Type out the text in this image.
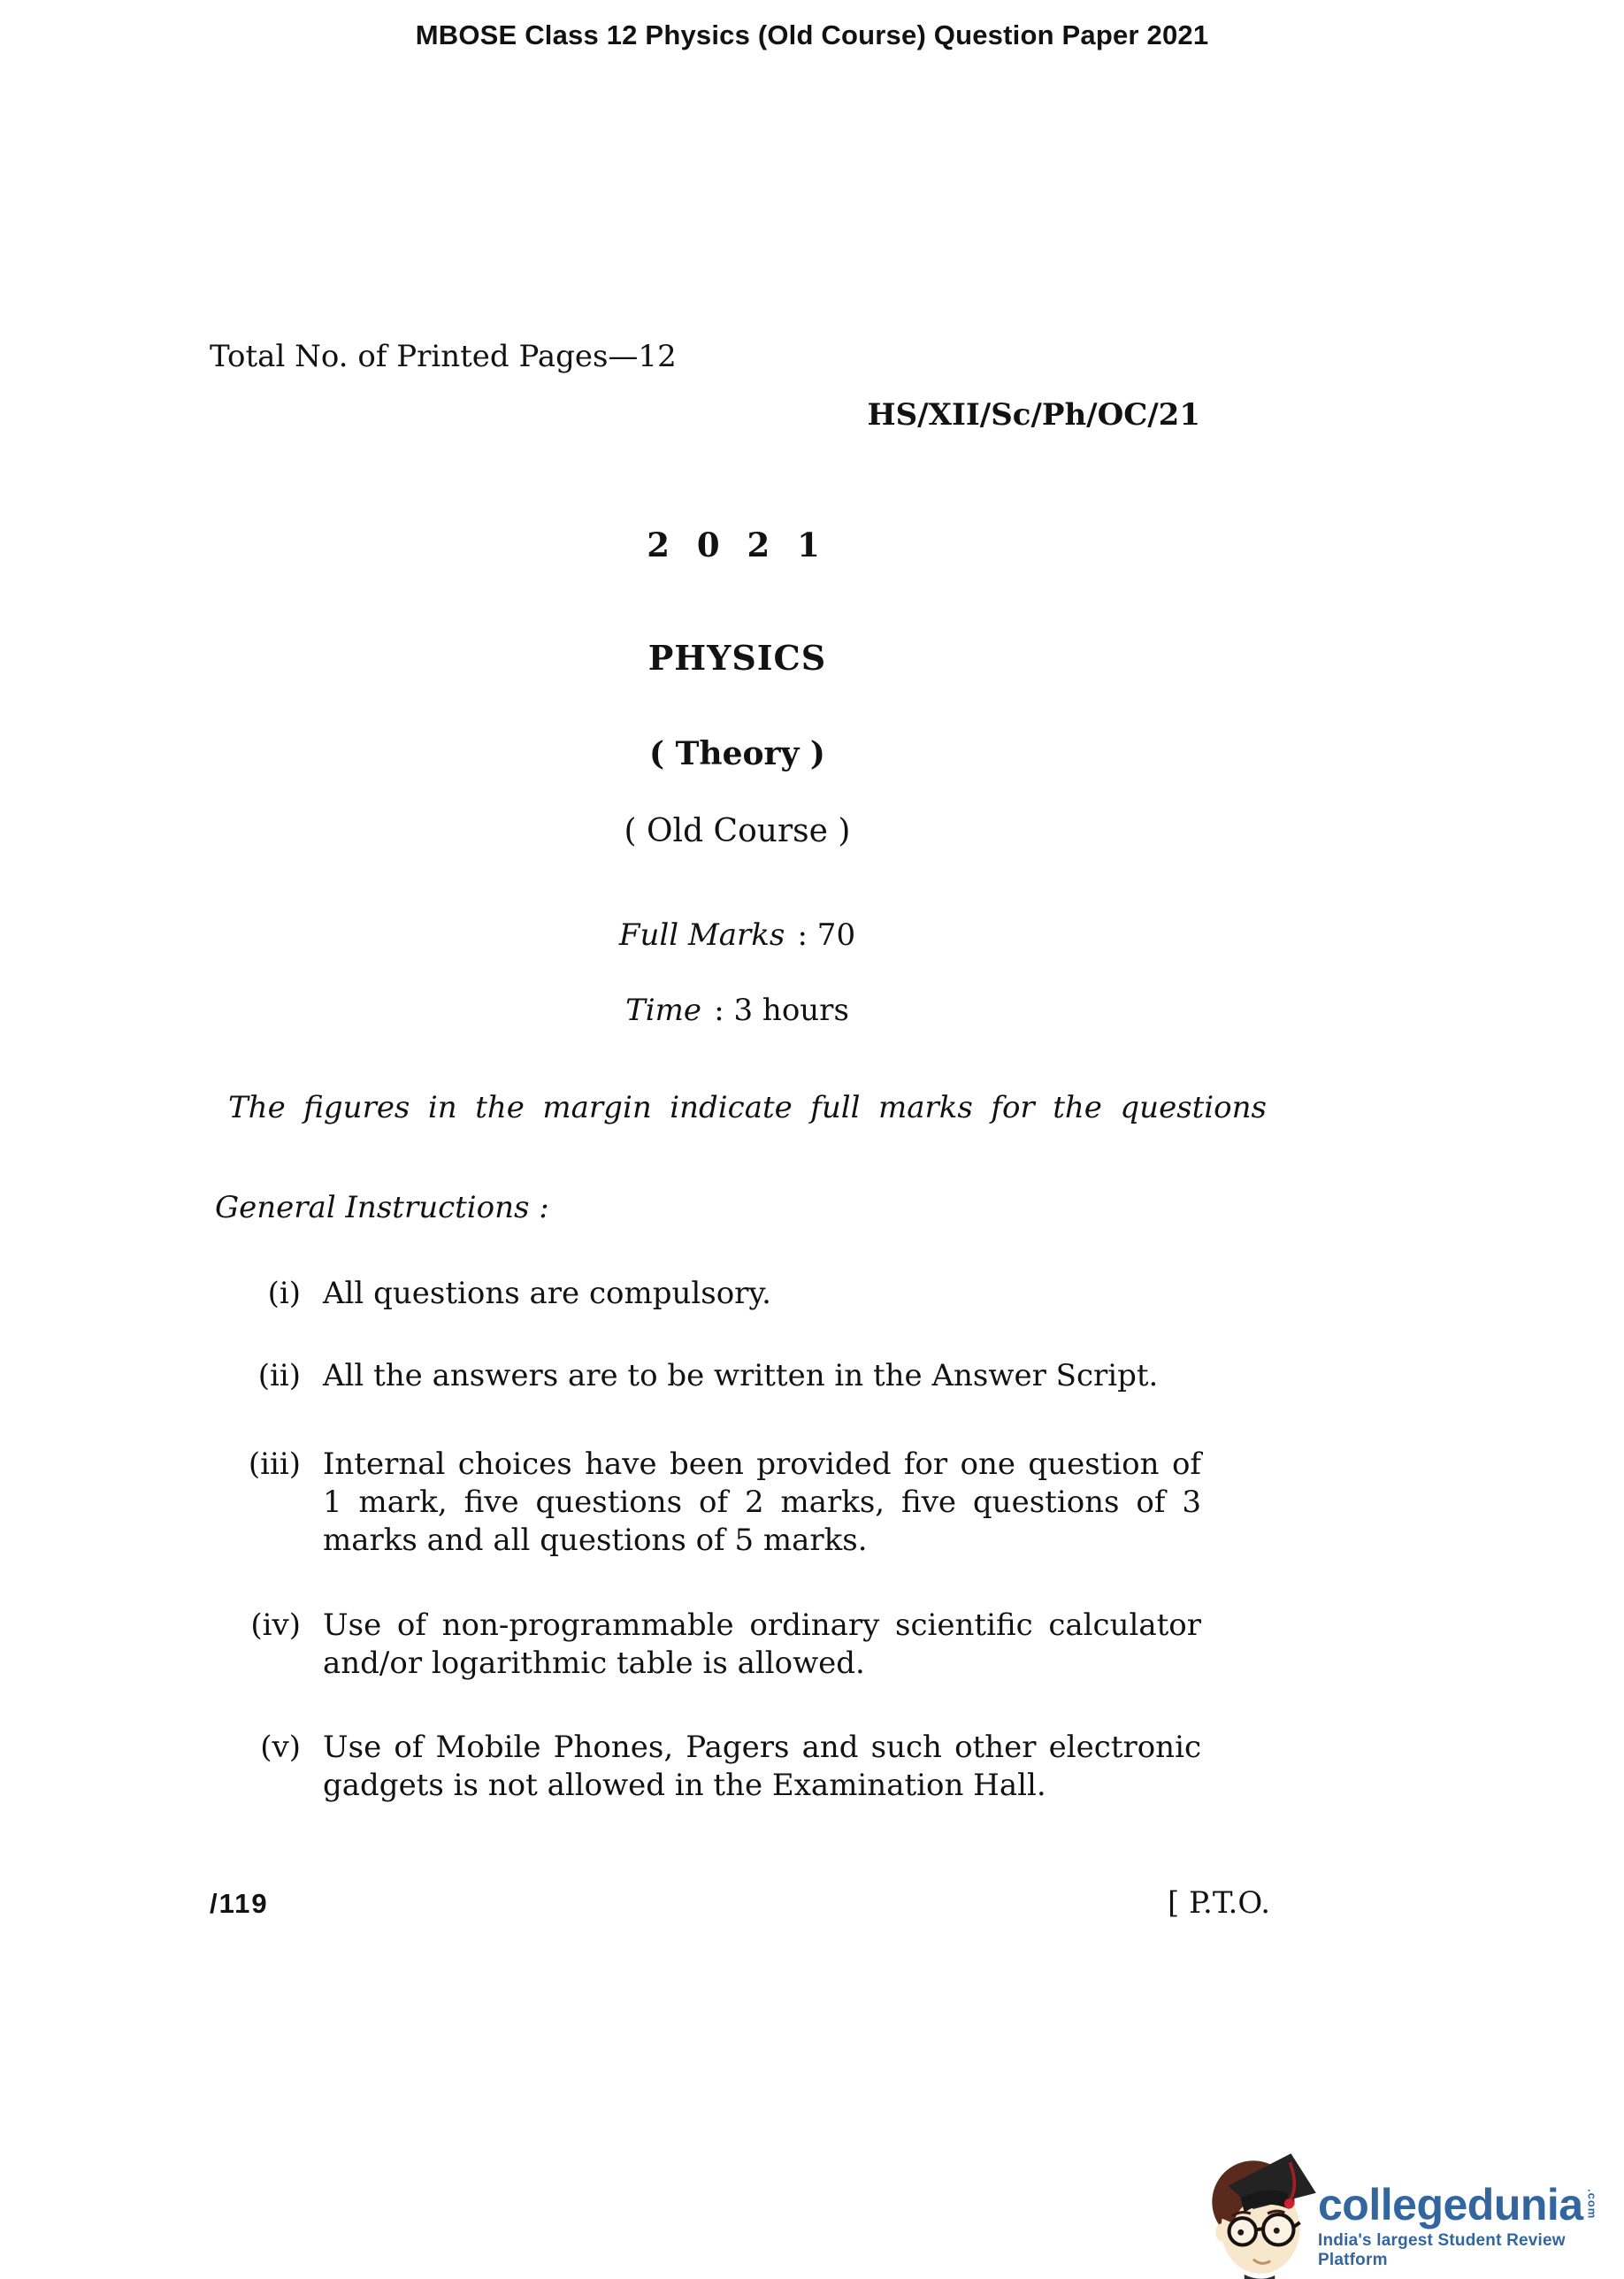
MBOSE Class 12 Physics (Old Course) Question Paper 2021
Total No. of Printed Pages—12
HS/XII/Sc/Ph/OC/21
2 0 2 1
PHYSICS
( Theory )
( Old Course )
Full Marks  : 70
Time  : 3 hours
The figures in the margin indicate full marks for the questions
General Instructions :
(i) All questions are compulsory.
(ii) All the answers are to be written in the Answer Script.
(iii) Internal choices have been provided for one question of 1 mark, five questions of 2 marks, five questions of 3 marks and all questions of 5 marks.
(iv) Use of non-programmable ordinary scientific calculator and/or logarithmic table is allowed.
(v) Use of Mobile Phones, Pagers and such other electronic gadgets is not allowed in the Examination Hall.
/119	[ P.T.O.
collegedunia .com
India's largest Student Review Platform
